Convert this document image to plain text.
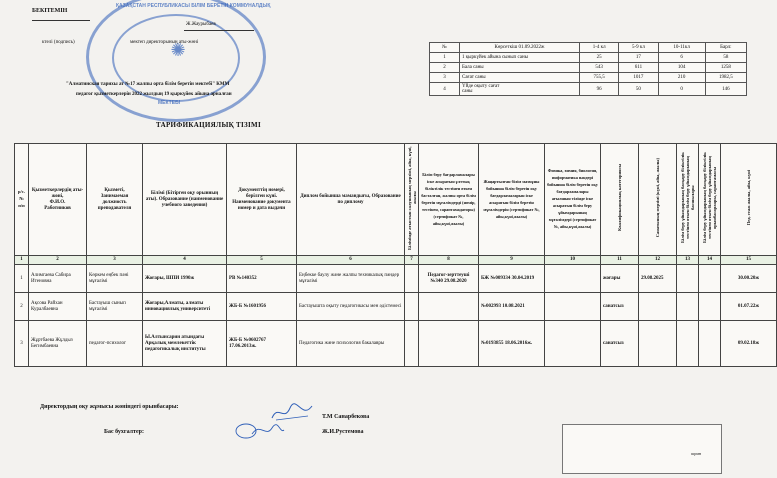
ҚАЗАҚСТАН РЕСПУБЛИКАСЫ БІЛІМ БЕРЕТІН КОММУНАЛДЫҚ
МЕКТЕБІ
✺
БЕКІТЕМІН
Ж.Жаурыбаев
ктелі (подпись)	мектеп директорының аты-жөні
"Алматинская тарихы ат №17 жалпы орта білім беретін мектебі" КММ
педагог қызметкерлерін 2022 жылдың 19 қыркүйек айына арналған
ТАРИФИКАЦИЯЛЫҚ ТІЗІМІ
№	Көрсеткіш 01.09.2022ж	1-4 кл	5-9 кл	10-11кл	Барл:
1	1 қыркүйек айына сынып саны	25	17	6	58
2	Бала саны	543	611	104	1258
3	Сағат саны	755,5	1017	210	1982,5
4	Үйде оқыту сағат
саны	96	50	0	146
р/с.№
п/п	Қызметкерлердің аты-жөні,
Ф.И.О.
Работников	Қызметі,
Занимаемая
должность
преподавателя	Білімі (Бітірген оқу орынның аты). Образование (наименование учебного заведения)	Документтің нөмері, берілген күні. Наименование документа номер и дата выдачи	Диплом бойынша мамандығы, Образование по диплому	Білімінде атыстын салушының мерзімі, айы, күні, жылы	Білім беру бағдарламалары іске асыратын ұлттық біліктілік тестінен өткен басталған, жалпы орта білім беретін мұғалімдерді (нөмір, тестінен, сараптамадаторы) (сертификат №, айы,күні,жылы)	Жаңартылған білім мазмұны бойынша білім беретін оқу бағдарламаларын іске асыратын білім беретін мұғалімдерін (сертификат №, айы,күні,жылы)	Физика, химия, биология, информатика пәндері бойынша білім беретін оқу бағдарламалары ағылшын тілінде іске асыратын білім беру ұйымдарының мұғалімдері (сертификат №, айы,күні,жылы)	Квалификациялық категориясы	Санатының мерзімі (күні, айы, жылы)	Білім беру ұйымдарының басқару біліктілік тестінен өткен білім беру ұйымдарының басшылары	Білім беру ұйымдарының басқару біліктілік тестінен өткен білім беру ұйымдарының орынбасарлары, сараптамасы	Пед. стаж жылы, айы, күні
1	2	3	4	5	6	7	8	9	10	11	12	13	14	15
1	Алимгаева Сабира Итеновна	Көркем еңбек пәні мұғалімі	Жоғары, ШПИ 1990ж	РВ №140352	Еңбекке баулу және жалпы техникалық пәндер мұғалімі		Педагог-зерттеуші №340 29.08.2020	БЖ №009334 30.04.2019		жоғары	29.08.2025			30.00.20ж
2	Ақсова Райхан Куралбаевна	Бастауыш сынып мұғалімі	Жоғары,Алматы, алматы инновациялық университеті	ЖБ-Б №1601956	Бастауышта оқыту педагогикасы мен әдістемесі			№002993 10.08.2021		санатсыз				01.07.22ж
3	Жұртбаева Жұлдыз Бегимбаевна	педагог-психолог	Ы.Алтынсарин атындағы Арқалық мемлекеттік педагогикалық институты	ЖБ-Б №0602767 17.06.2013ж.	Педагогика және психология бакалавры			№0193855 18.06.2016ж.		санатсыз				09.02.18ж
Директордың оқу жұмысы жөніндегі орынбасары:
Т.М Санарбекова
Бас бухгалтер:	Ж.И.Рустемова
шрмн
